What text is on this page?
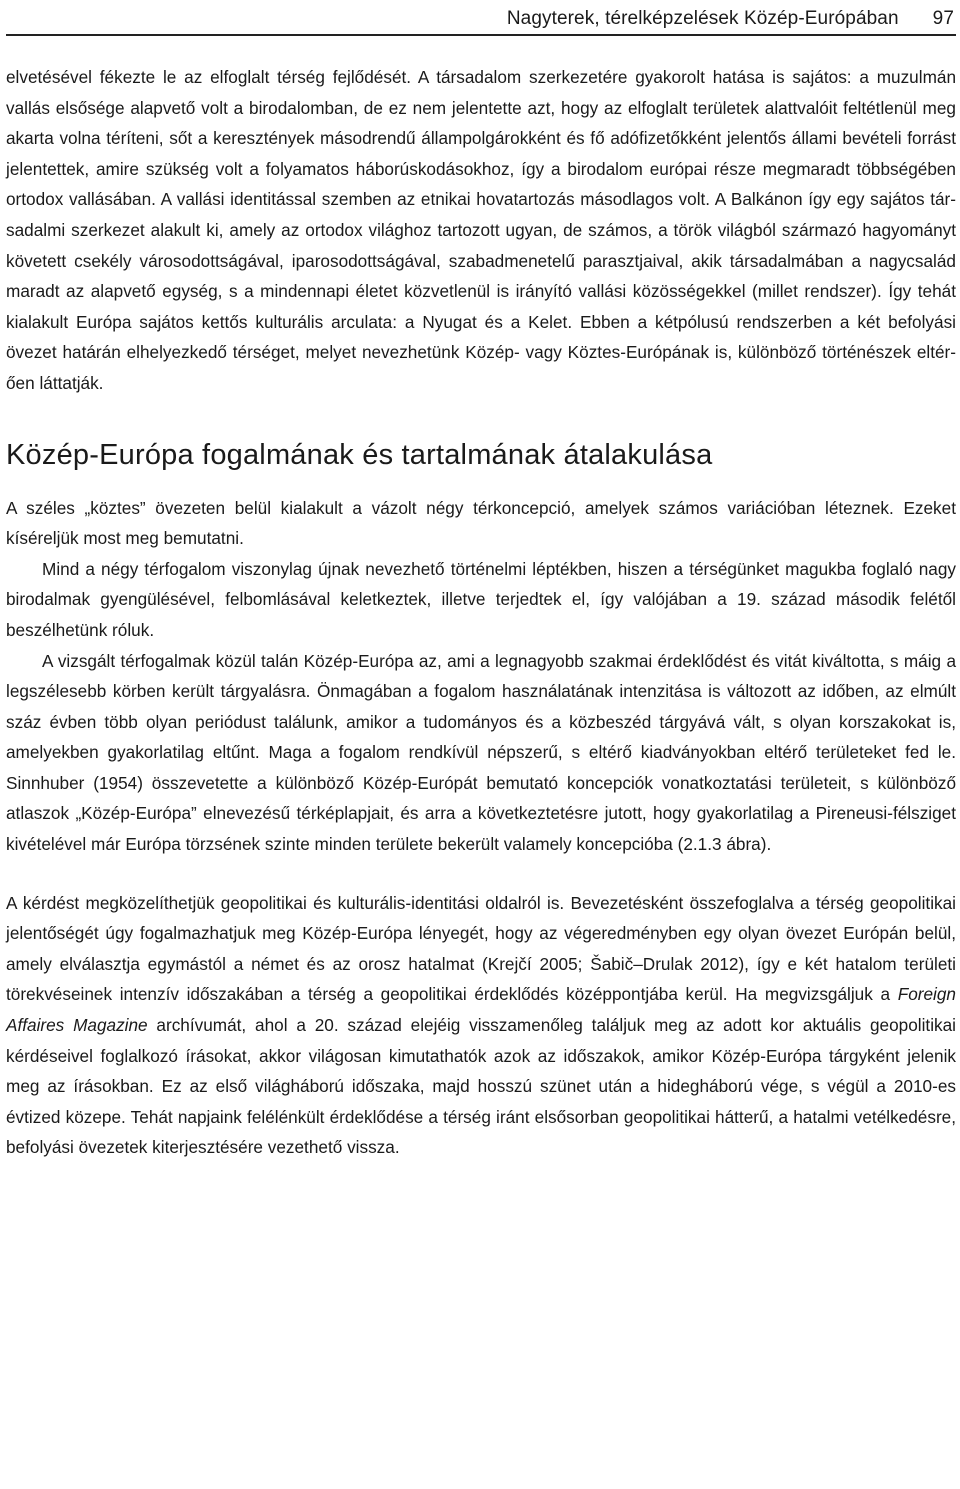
Nagyterek, térelképzelések Közép-Európában 97

elvetésével fékezte le az elfoglalt térség fejlődését. A társadalom szerkezetére gyakorolt hatása is sajátos: a muzulmán vallás elsősége alapvető volt a birodalomban, de ez nem jelentette azt, hogy az elfoglalt területek alattvalóit feltétlenül meg akarta volna téríteni, sőt a keresztények másodrendű állampolgárokként és fő adófizetőkként jelentős állami bevételi forrást jelentettek, amire szükség volt a folyamatos háborúskodásokhoz, így a birodalom európai része megmaradt többségében ortodox vallásában. A vallási identitással szemben az etnikai hovatartozás másodlagos volt. A Balkánon így egy sajátos társadalmi szerkezet alakult ki, amely az ortodox világhoz tartozott ugyan, de számos, a török világból származó hagyományt követett csekély városodottságával, iparosodottságával, szabadmenetelű parasztjaival, akik társadalmában a nagycsalád maradt az alapvető egység, s a mindennapi életet közvetlenül is irányító vallási közösségekkel (millet rendszer). Így tehát kialakult Európa sajátos kettős kulturális arculata: a Nyugat és a Kelet. Ebben a kétpólusú rendszerben a két befolyási övezet határán elhelyezkedő térséget, melyet nevezhetünk Közép- vagy Köztes-Európának is, különböző történészek eltérően láttatják.

Közép-Európa fogalmának és tartalmának átalakulása

A széles „köztes” övezeten belül kialakult a vázolt négy térkoncepció, amelyek számos variációban léteznek. Ezeket kíséreljük most meg bemutatni.

Mind a négy térfogalom viszonylag újnak nevezhető történelmi léptékben, hiszen a térségünket magukba foglaló nagy birodalmak gyengülésével, felbomlásával keletkeztek, illetve terjedtek el, így valójában a 19. század második felétől beszélhetünk róluk.

A vizsgált térfogalmak közül talán Közép-Európa az, ami a legnagyobb szakmai érdeklődést és vitát kiváltotta, s máig a legszélesebb körben került tárgyalásra. Önmagában a fogalom használatának intenzitása is változott az időben, az elmúlt száz évben több olyan periódust találunk, amikor a tudományos és a közbeszéd tárgyává vált, s olyan korszakokat is, amelyekben gyakorlatilag eltűnt. Maga a fogalom rendkívül népszerű, s eltérő kiadványokban eltérő területeket fed le. Sinnhuber (1954) összevetette a különböző Közép-Európát bemutató koncepciók vonatkoztatási területeit, s különböző atlaszok „Közép-Európa” elnevezésű térképlapjait, és arra a következtetésre jutott, hogy gyakorlatilag a Pireneusi-félsziget kivételével már Európa törzsének szinte minden területe bekerült valamely koncepcióba (2.1.3 ábra).

A kérdést megközelíthetjük geopolitikai és kulturális-identitási oldalról is. Bevezetésként összefoglalva a térség geopolitikai jelentőségét úgy fogalmazhatjuk meg Közép-Európa lényegét, hogy az végeredményben egy olyan övezet Európán belül, amely elválasztja egymástól a német és az orosz hatalmat (Krejčí 2005; Šabič–Drulak 2012), így e két hatalom területi törekvéseinek intenzív időszakában a térség a geopolitikai érdeklődés középpontjába kerül. Ha megvizsgáljuk a Foreign Affaires Magazine archívumát, ahol a 20. század elejéig visszamenőleg találjuk meg az adott kor aktuális geopolitikai kérdéseivel foglalkozó írásokat, akkor világosan kimutathatók azok az időszakok, amikor Közép-Európa tárgyként jelenik meg az írásokban. Ez az első világháború időszaka, majd hosszú szünet után a hidegháború vége, s végül a 2010-es évtized közepe. Tehát napjaink felélénkült érdeklődése a térség iránt elsősorban geopolitikai hátterű, a hatalmi vetélkedésre, befolyási övezetek kiterjesztésére vezethető vissza.
